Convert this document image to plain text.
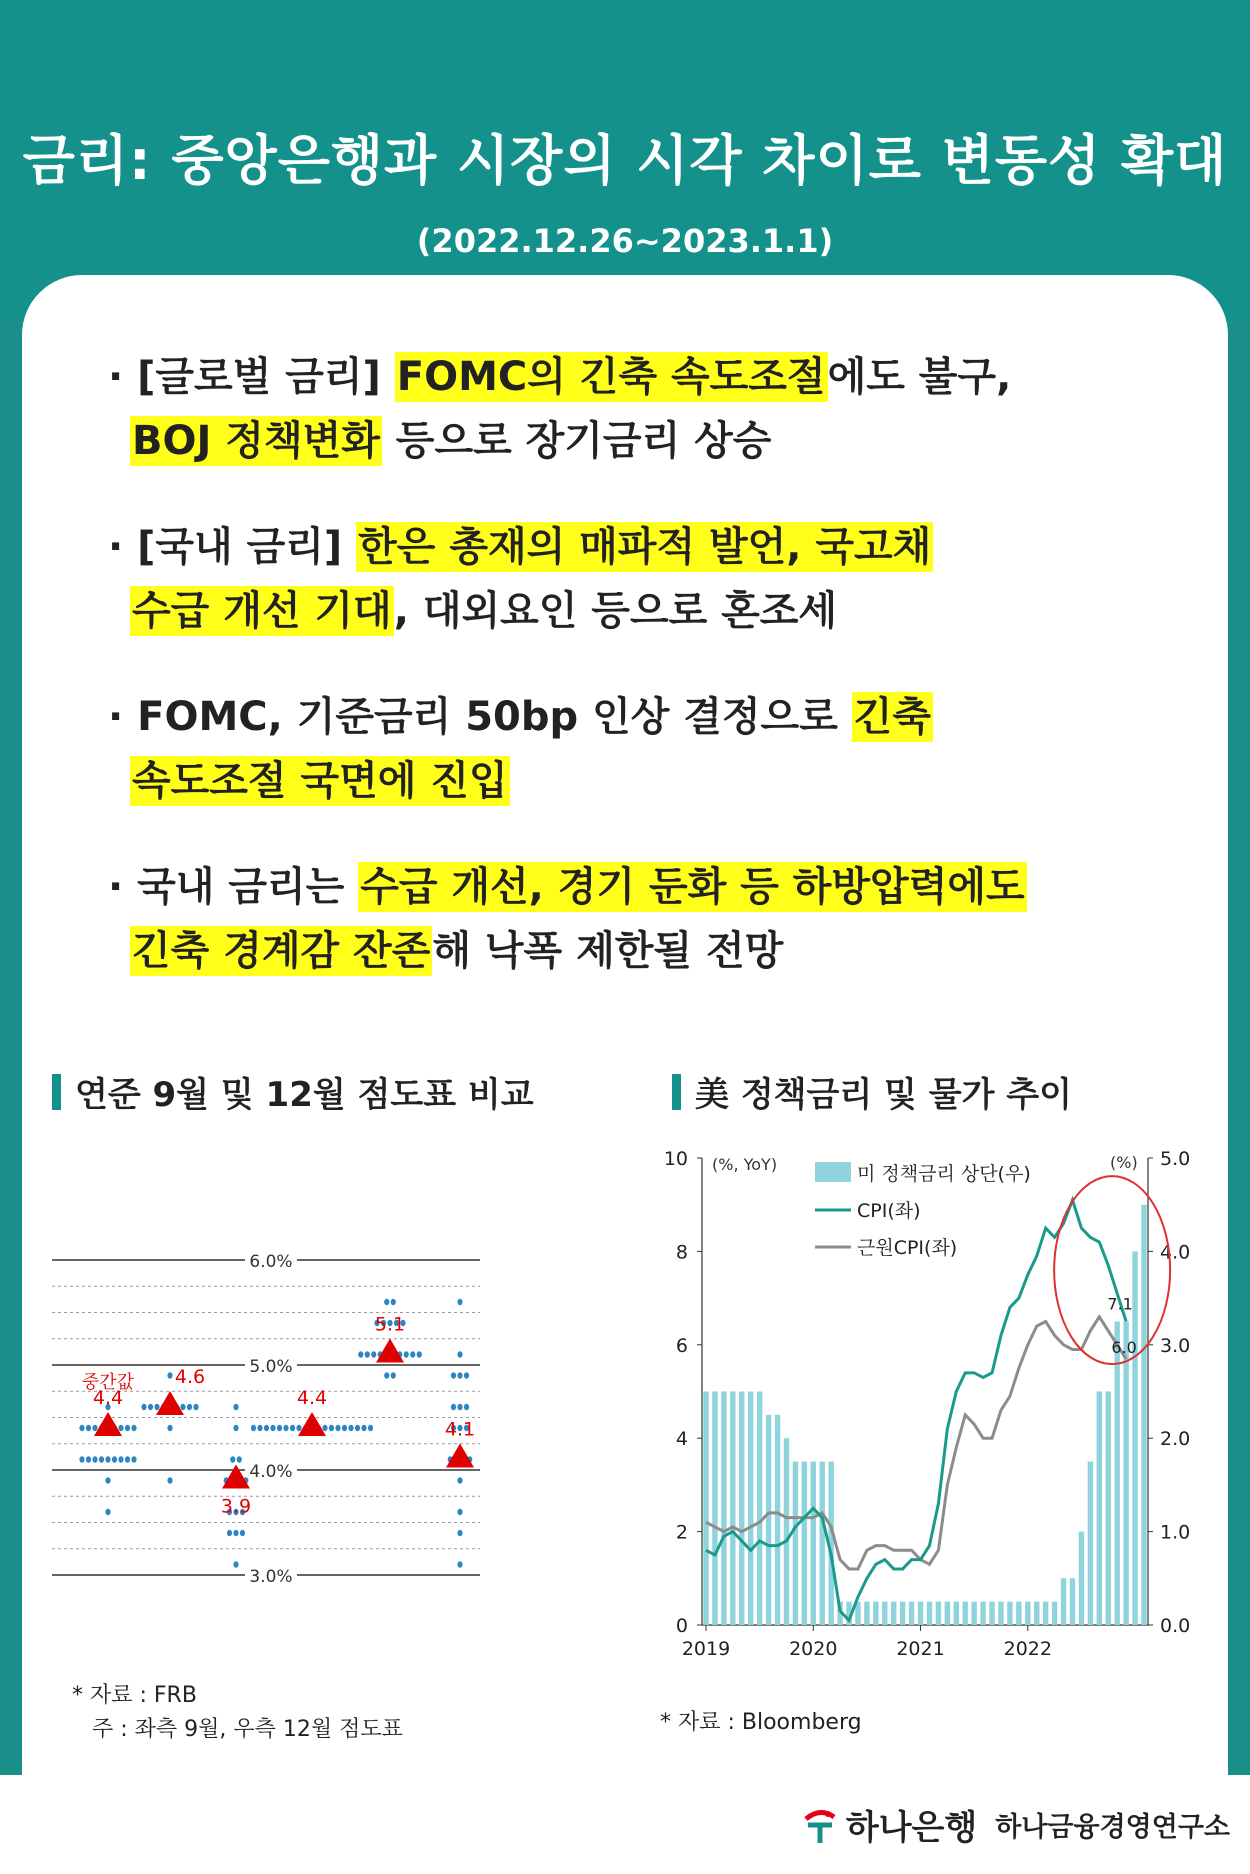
금리: 중앙은행과 시장의 시각 차이로 변동성 확대
(2022.12.26~2023.1.1)
· [글로벌 금리] FOMC의 긴축 속도조절에도 불구,
BOJ 정책변화 등으로 장기금리 상승
· [국내 금리] 한은 총재의 매파적 발언, 국고채
수급 개선 기대, 대외요인 등으로 혼조세
· FOMC, 기준금리 50bp 인상 결정으로 긴축
속도조절 국면에 진입
· 국내 금리는 수급 개선, 경기 둔화 등 하방압력에도
긴축 경계감 잔존해 낙폭 제한될 전망
연준 9월 및 12월 점도표 비교	美 정책금리 및 물가 추이
6.0%
5.0%
4.0%
3.0%
4.4
4.6
3.9
4.4
5.1
4.1
중간값
0
2
4
6
8
10
0.0
1.0
2.0
3.0
4.0
5.0
2019	2020	2021	2022
(%, YoY)	(%)
미 정책금리 상단(우)
CPI(좌)
근원CPI(좌)
7.1
6.0
* 자료 : FRB
주 : 좌측 9월, 우측 12월 점도표	* 자료 : Bloomberg
하나은행 하나금융경영연구소
